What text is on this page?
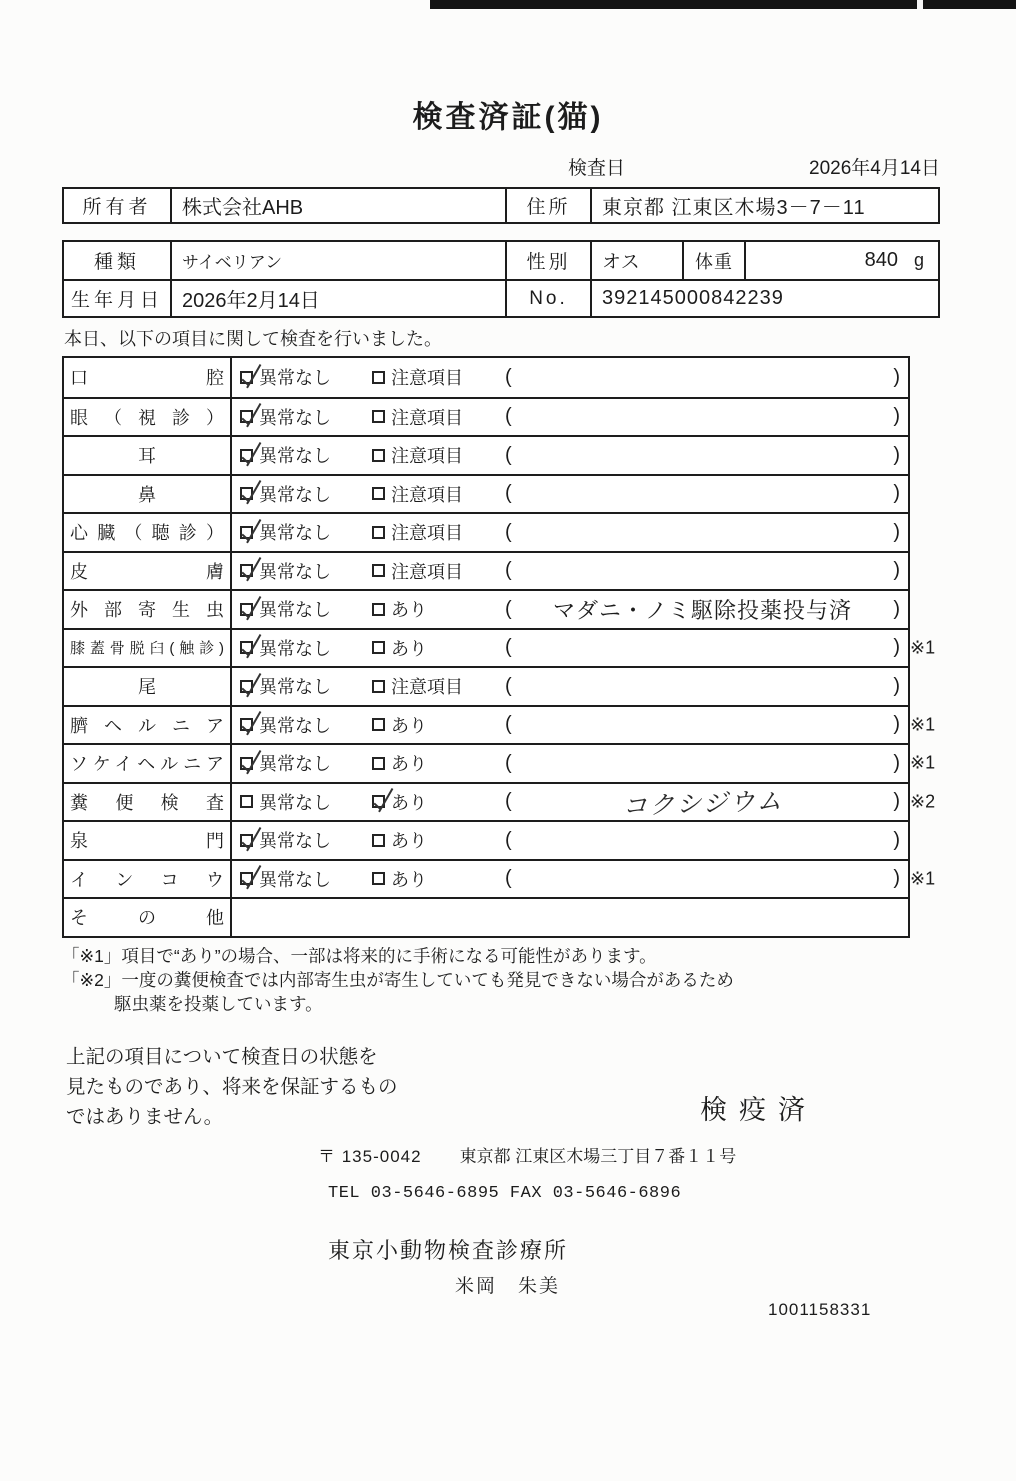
検査済証(猫)
検査日	2026年4月14日
所有者	株式会社AHB	住所	東京都 江東区木場3－7－11
種類	サイベリアン	性別	オス	体重	840 g
生年月日 2026年2月14日	No.	392145000842239
本日、以下の項目に関して検査を行いました。
口腔 異常なし	注意項目 (	)
眼（視診） 異常なし	注意項目 (	)
耳	異常なし	注意項目 (	)
鼻	異常なし	注意項目 (	)
心臓（聴診） 異常なし	注意項目 (	)
皮膚 異常なし	注意項目 (	)
外部寄生虫 異常なし	あり	(	マダニ・ノミ駆除投薬投与済	)
膝蓋骨脱臼(触診) 異常なし	あり	(	) ※1
尾	異常なし	注意項目 (	)
臍ヘルニア 異常なし	あり	(	) ※1
ソケイヘルニア 異常なし	あり	(	) ※1
糞便検査 異常なし	あり	(	コクシジウム	) ※2
泉門 異常なし	あり	(	)
インコウ 異常なし	あり	(	) ※1
その他
「※1」項目で“あり”の場合、一部は将来的に手術になる可能性があります。
「※2」一度の糞便検査では内部寄生虫が寄生していても発見できない場合があるため
駆虫薬を投薬しています。
上記の項目について検査日の状態を
見たものであり、将来を保証するもの
ではありません。	検疫済
〒 135-0042 東京都 江東区木場三丁目７番１１号
TEL 03-5646-6895 FAX 03-5646-6896
東京小動物検査診療所
米岡　朱美
1001158331
